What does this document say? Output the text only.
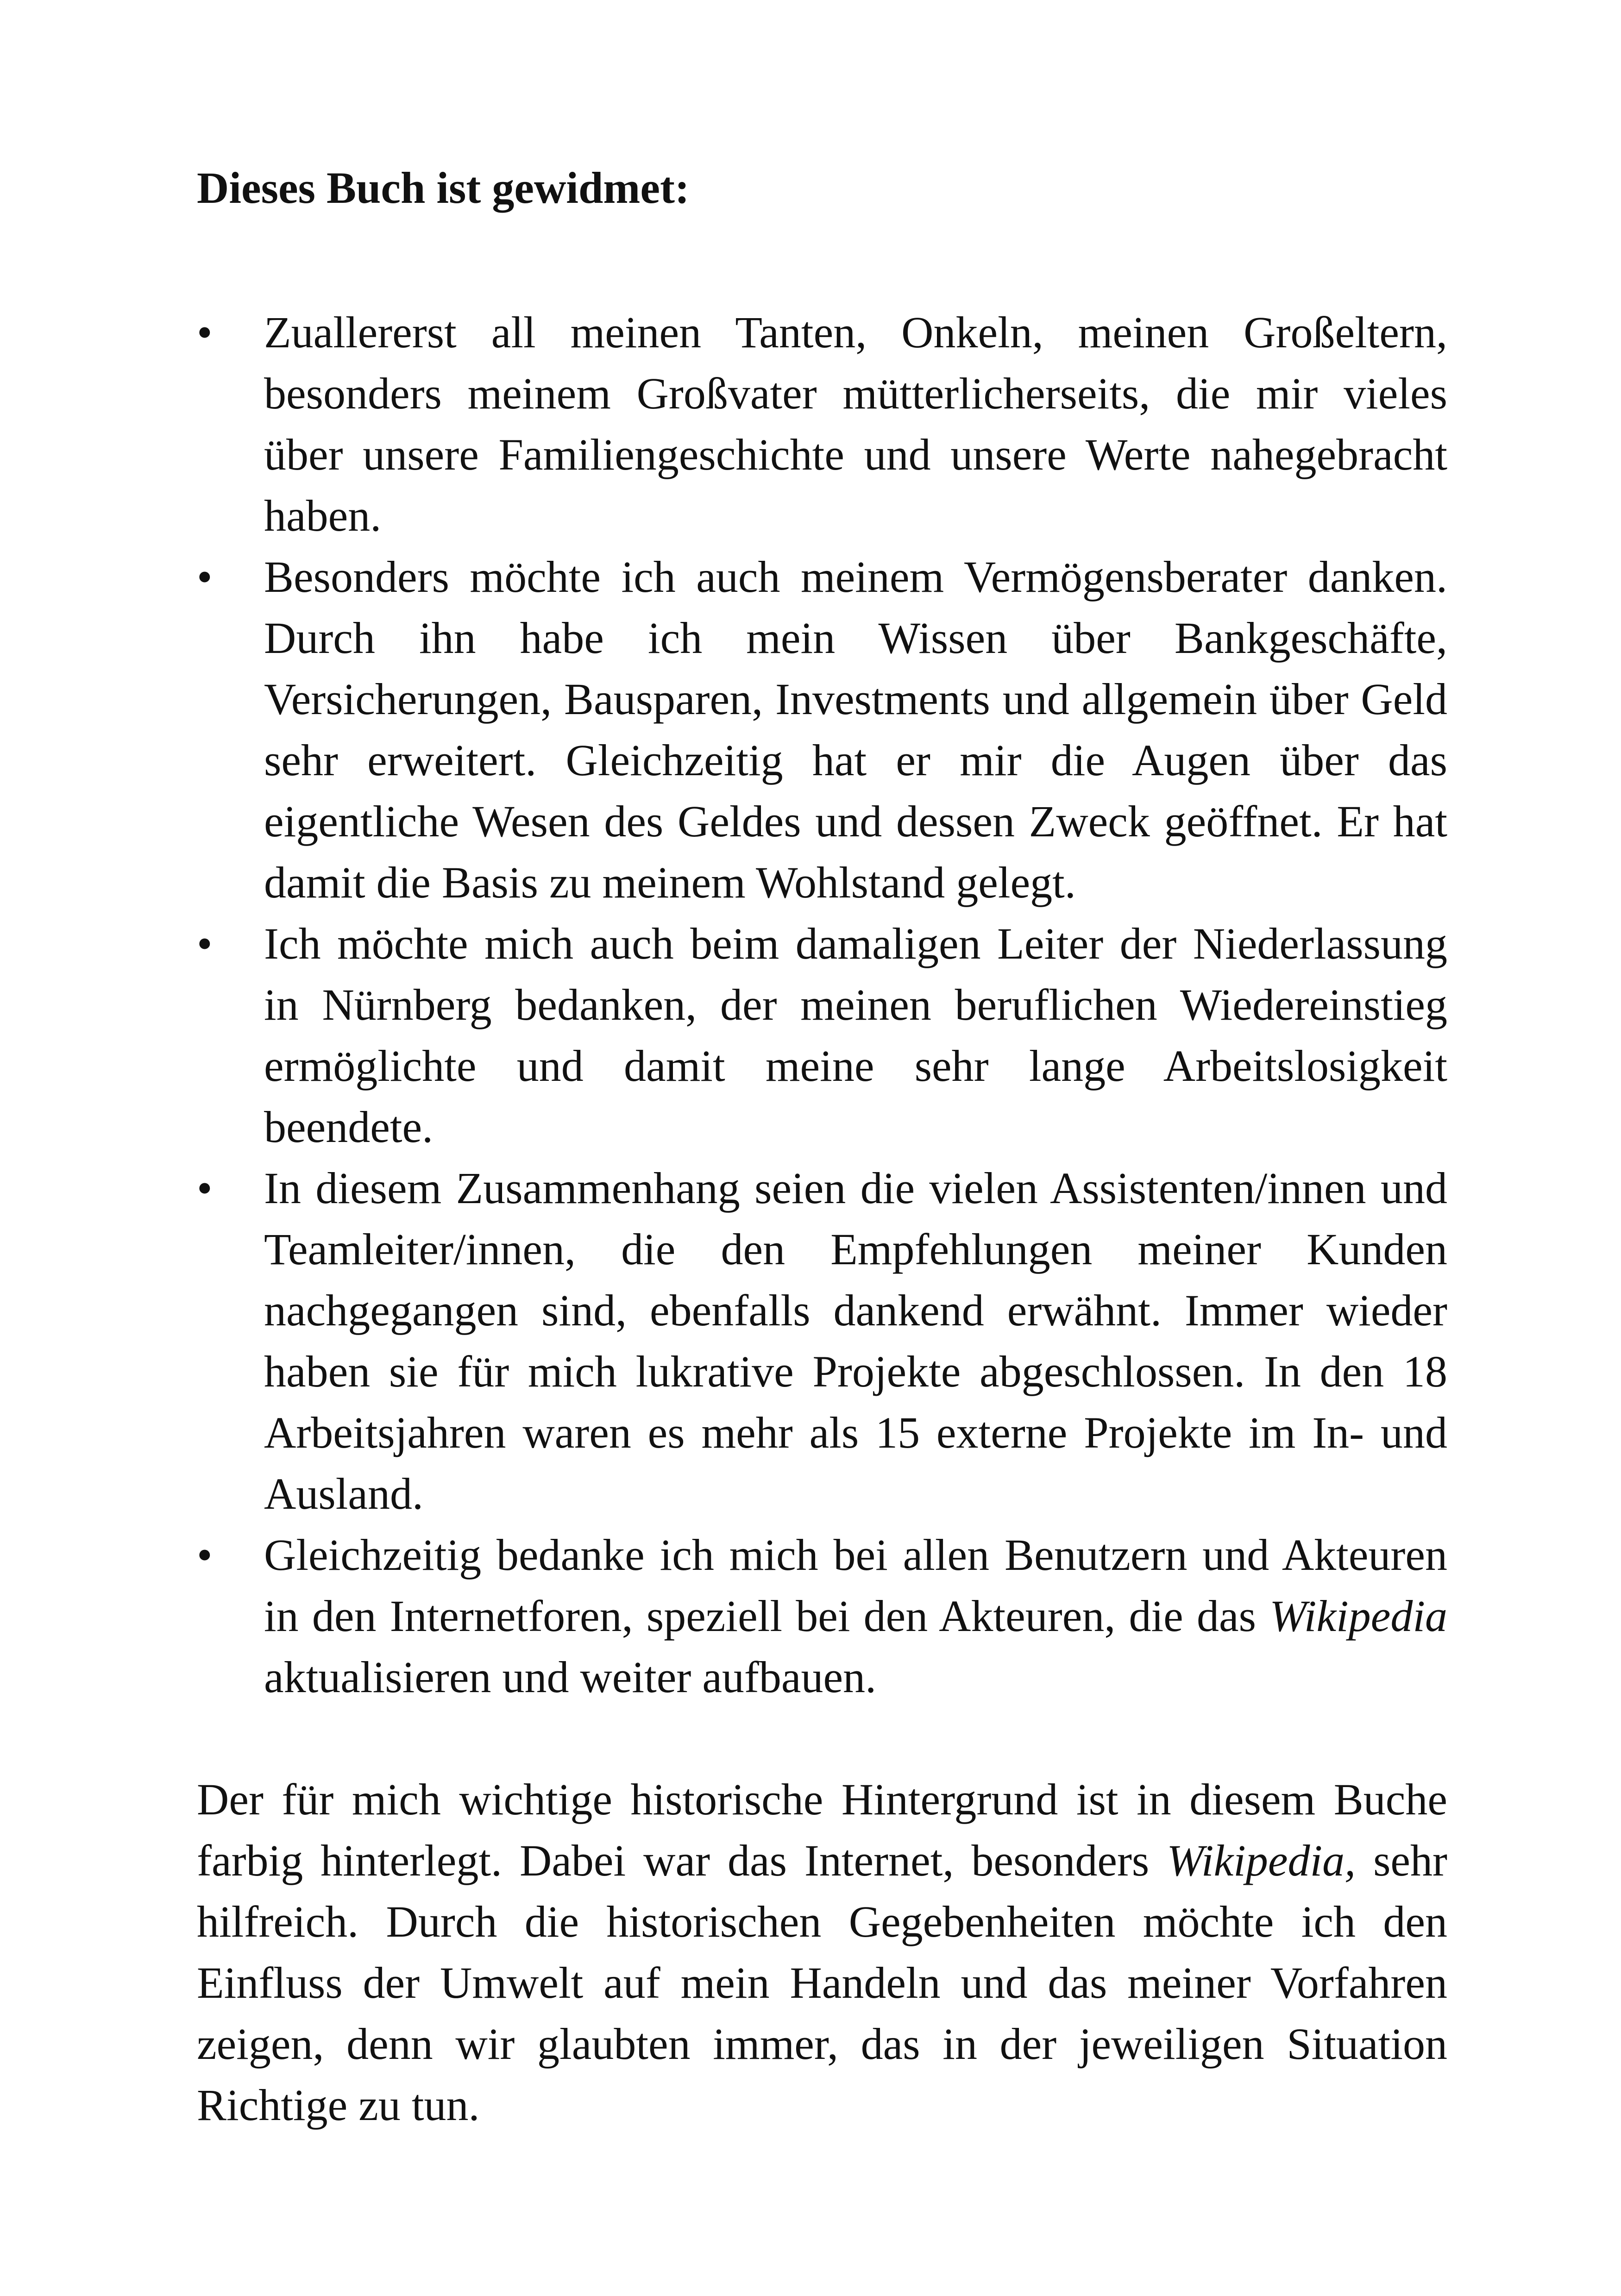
Dieses Buch ist gewidmet:

• Zuallererst all meinen Tanten, Onkeln, meinen Großeltern, besonders meinem Großvater mütterlicherseits, die mir vieles über unsere Familiengeschichte und unsere Werte nahegebracht haben.
• Besonders möchte ich auch meinem Vermögensberater danken. Durch ihn habe ich mein Wissen über Bankgeschäfte, Versicherungen, Bausparen, Investments und allgemein über Geld sehr erweitert. Gleichzeitig hat er mir die Augen über das eigentliche Wesen des Geldes und dessen Zweck geöffnet. Er hat damit die Basis zu meinem Wohlstand gelegt.
• Ich möchte mich auch beim damaligen Leiter der Niederlassung in Nürnberg bedanken, der meinen beruflichen Wiedereinstieg ermöglichte und damit meine sehr lange Arbeitslosigkeit beendete.
• In diesem Zusammenhang seien die vielen Assistenten/innen und Teamleiter/innen, die den Empfehlungen meiner Kunden nachgegangen sind, ebenfalls dankend erwähnt. Immer wieder haben sie für mich lukrative Projekte abgeschlossen. In den 18 Arbeitsjahren waren es mehr als 15 externe Projekte im In- und Ausland.
• Gleichzeitig bedanke ich mich bei allen Benutzern und Akteuren in den Internetforen, speziell bei den Akteuren, die das Wikipedia aktualisieren und weiter aufbauen.

Der für mich wichtige historische Hintergrund ist in diesem Buche farbig hinterlegt. Dabei war das Internet, besonders Wikipedia, sehr hilfreich. Durch die historischen Gegebenheiten möchte ich den Einfluss der Umwelt auf mein Handeln und das meiner Vorfahren zeigen, denn wir glaubten immer, das in der jeweiligen Situation Richtige zu tun.
